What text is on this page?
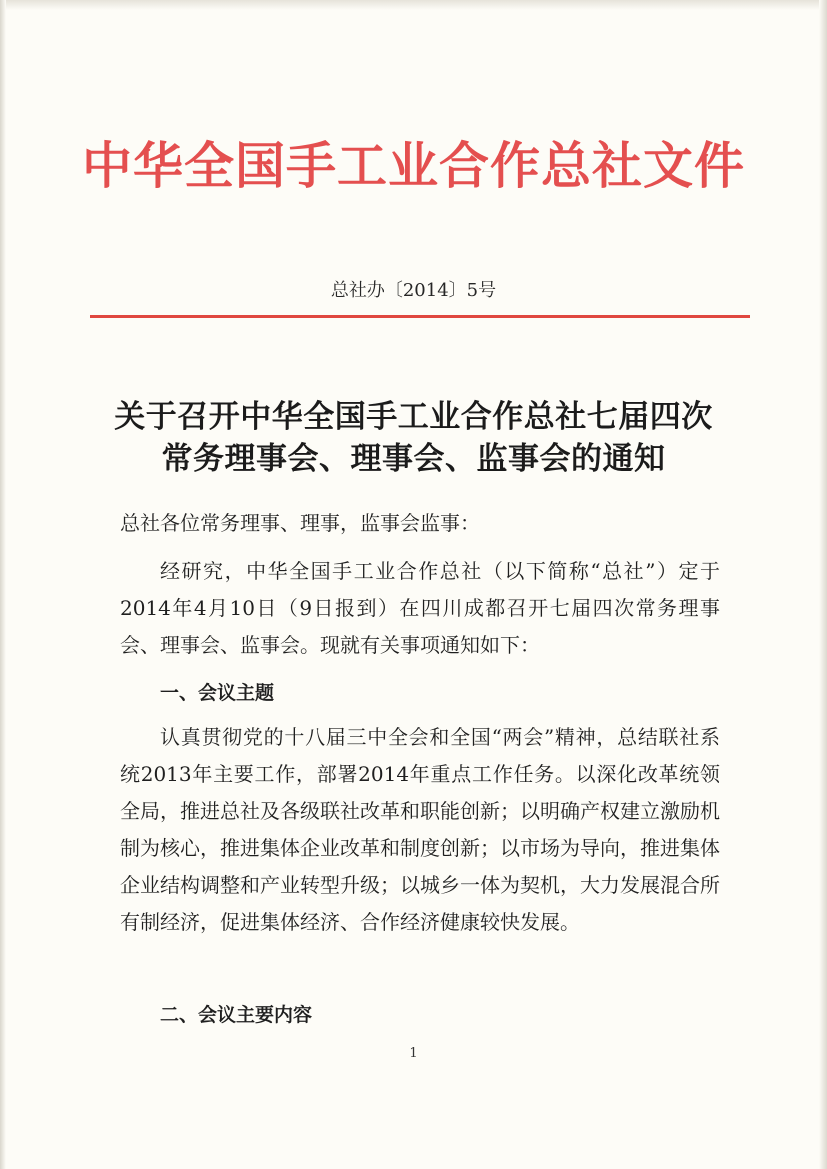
中华全国手工业合作总社文件
总社办〔2014〕5号
关于召开中华全国手工业合作总社七届四次
常务理事会、理事会、监事会的通知
总社各位常务理事、理事，监事会监事：
经研究，中华全国手工业合作总社（以下简称“总社”）定于2014年4月10日（9日报到）在四川成都召开七届四次常务理事会、理事会、监事会。现就有关事项通知如下：
一、会议主题
认真贯彻党的十八届三中全会和全国“两会”精神，总结联社系统2013年主要工作，部署2014年重点工作任务。以深化改革统领全局，推进总社及各级联社改革和职能创新；以明确产权建立激励机制为核心，推进集体企业改革和制度创新；以市场为导向，推进集体企业结构调整和产业转型升级；以城乡一体为契机，大力发展混合所有制经济，促进集体经济、合作经济健康较快发展。
二、会议主要内容
1
